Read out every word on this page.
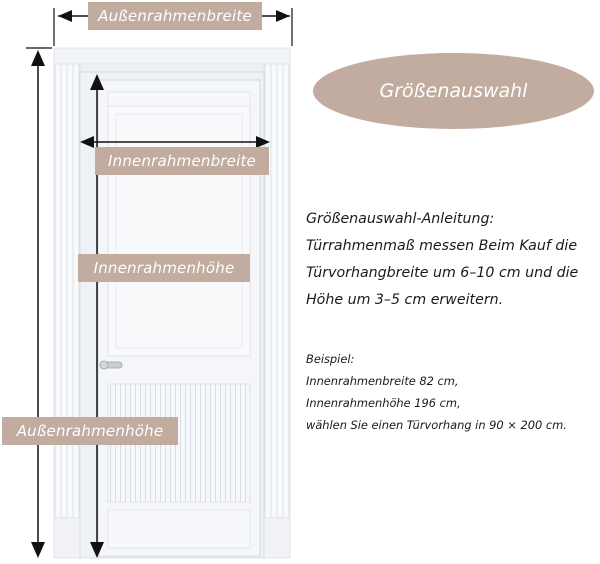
Außenrahmenbreite
Innenrahmenbreite
Innenrahmenhöhe
Außenrahmenhöhe
Größenauswahl
Größenauswahl-Anleitung:
Türrahmenmaß messen Beim Kauf die
Türvorhangbreite um 6–10 cm und die
Höhe um 3–5 cm erweitern.
Beispiel:
Innenrahmenbreite 82 cm,
Innenrahmenhöhe 196 cm,
wählen Sie einen Türvorhang in 90 × 200 cm.
